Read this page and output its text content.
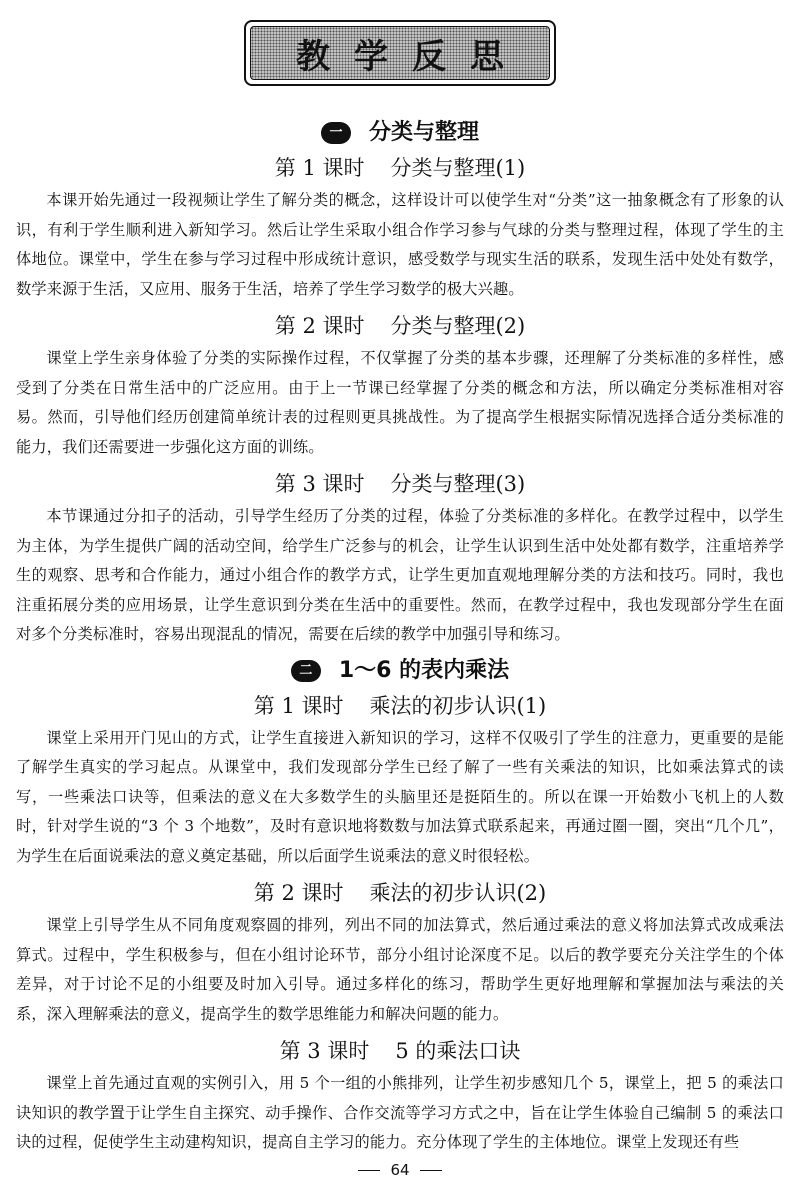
教学反思
一	分类与整理
第 1 课时 分类与整理(1)

本课开始先通过一段视频让学生了解分类的概念，这样设计可以使学生对“分类”这一抽象概念有了形象的认识，有利于学生顺利进入新知学习。然后让学生采取小组合作学习参与气球的分类与整理过程，体现了学生的主体地位。课堂中，学生在参与学习过程中形成统计意识，感受数学与现实生活的联系，发现生活中处处有数学，数学来源于生活，又应用、服务于生活，培养了学生学习数学的极大兴趣。

第 2 课时 分类与整理(2)

课堂上学生亲身体验了分类的实际操作过程，不仅掌握了分类的基本步骤，还理解了分类标准的多样性，感受到了分类在日常生活中的广泛应用。由于上一节课已经掌握了分类的概念和方法，所以确定分类标准相对容易。然而，引导他们经历创建简单统计表的过程则更具挑战性。为了提高学生根据实际情况选择合适分类标准的能力，我们还需要进一步强化这方面的训练。

第 3 课时 分类与整理(3)

本节课通过分扣子的活动，引导学生经历了分类的过程，体验了分类标准的多样化。在教学过程中，以学生为主体，为学生提供广阔的活动空间，给学生广泛参与的机会，让学生认识到生活中处处都有数学，注重培养学生的观察、思考和合作能力，通过小组合作的教学方式，让学生更加直观地理解分类的方法和技巧。同时，我也注重拓展分类的应用场景，让学生意识到分类在生活中的重要性。然而，在教学过程中，我也发现部分学生在面对多个分类标准时，容易出现混乱的情况，需要在后续的教学中加强引导和练习。

二	1～6 的表内乘法
第 1 课时 乘法的初步认识(1)

课堂上采用开门见山的方式，让学生直接进入新知识的学习，这样不仅吸引了学生的注意力，更重要的是能了解学生真实的学习起点。从课堂中，我们发现部分学生已经了解了一些有关乘法的知识，比如乘法算式的读写，一些乘法口诀等，但乘法的意义在大多数学生的头脑里还是挺陌生的。所以在课一开始数小飞机上的人数时，针对学生说的“3 个 3 个地数”，及时有意识地将数数与加法算式联系起来，再通过圈一圈，突出“几个几”，为学生在后面说乘法的意义奠定基础，所以后面学生说乘法的意义时很轻松。

第 2 课时 乘法的初步认识(2)

课堂上引导学生从不同角度观察圆的排列，列出不同的加法算式，然后通过乘法的意义将加法算式改成乘法算式。过程中，学生积极参与，但在小组讨论环节，部分小组讨论深度不足。以后的教学要充分关注学生的个体差异，对于讨论不足的小组要及时加入引导。通过多样化的练习，帮助学生更好地理解和掌握加法与乘法的关系，深入理解乘法的意义，提高学生的数学思维能力和解决问题的能力。

第 3 课时 5 的乘法口诀

课堂上首先通过直观的实例引入，用 5 个一组的小熊排列，让学生初步感知几个 5，课堂上，把 5 的乘法口诀知识的教学置于让学生自主探究、动手操作、合作交流等学习方式之中，旨在让学生体验自己编制 5 的乘法口诀的过程，促使学生主动建构知识，提高自主学习的能力。充分体现了学生的主体地位。课堂上发现还有些

64
